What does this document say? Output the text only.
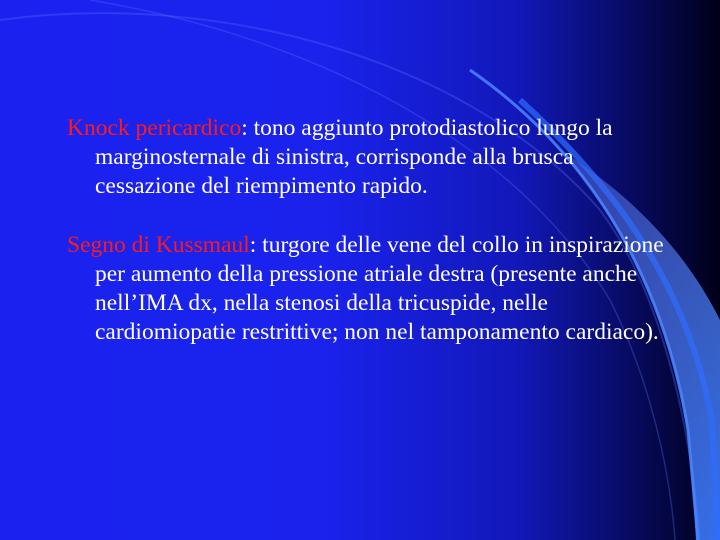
Knock pericardico: tono aggiunto protodiastolico lungo la marginosternale di sinistra, corrisponde alla brusca cessazione del riempimento rapido.

Segno di Kussmaul: turgore delle vene del collo in inspirazione per aumento della pressione atriale destra (presente anche nell’IMA dx, nella stenosi della tricuspide, nelle cardiomiopatie restrittive; non nel tamponamento cardiaco).
